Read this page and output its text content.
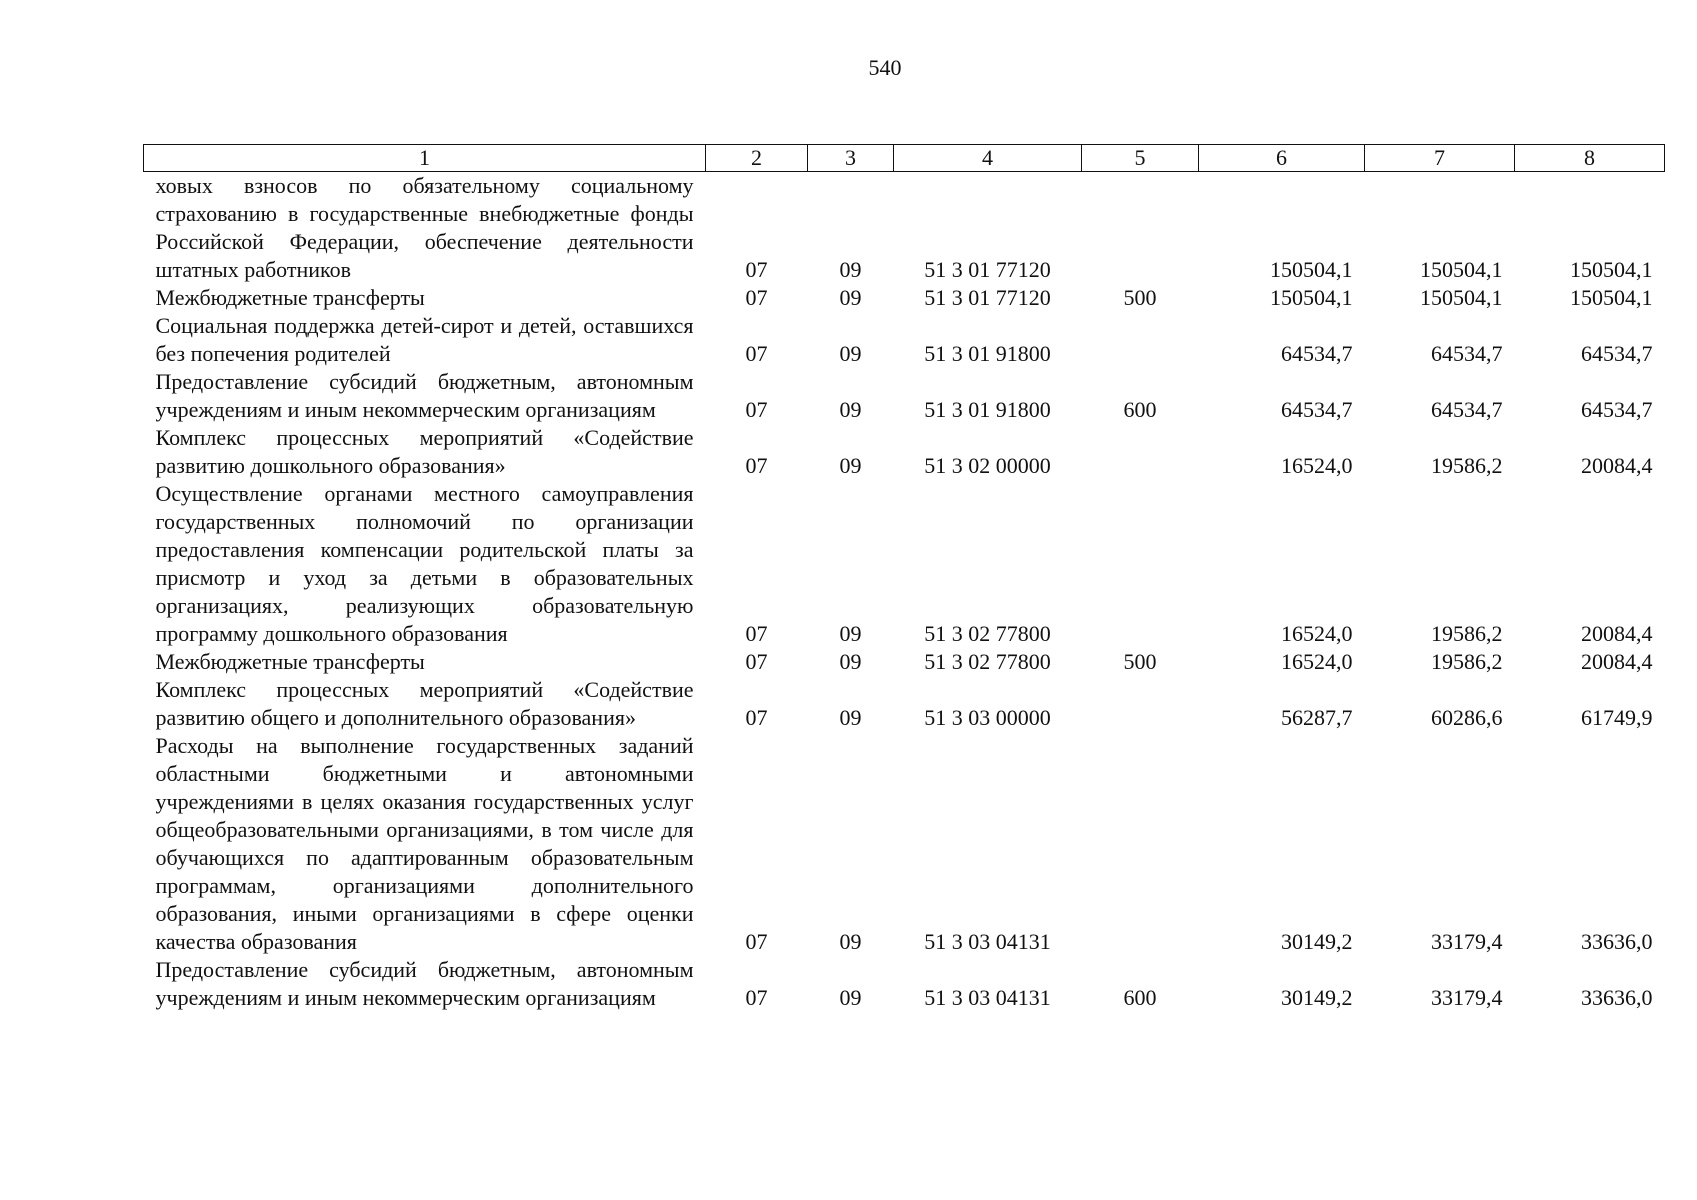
540
1	2	3	4	5	6	7	8
ховых взносов по обязательному социальному страхованию в государственные внебюджетные фонды Российской Федерации, обеспечение деятельности штатных работников	07	09	51 3 01 77120		150504,1	150504,1	150504,1
Межбюджетные трансферты	07	09	51 3 01 77120	500	150504,1	150504,1	150504,1
Социальная поддержка детей-сирот и детей, оставшихся без попечения родителей	07	09	51 3 01 91800		64534,7	64534,7	64534,7
Предоставление субсидий бюджетным, автономным учреждениям и иным некоммерческим организациям	07	09	51 3 01 91800	600	64534,7	64534,7	64534,7
Комплекс процессных мероприятий «Содействие развитию дошкольного образования»	07	09	51 3 02 00000		16524,0	19586,2	20084,4
Осуществление органами местного самоуправления государственных полномочий по организации предоставления компенсации родительской платы за присмотр и уход за детьми в образовательных организациях, реализующих образовательную программу дошкольного образования	07	09	51 3 02 77800		16524,0	19586,2	20084,4
Межбюджетные трансферты	07	09	51 3 02 77800	500	16524,0	19586,2	20084,4
Комплекс процессных мероприятий «Содействие развитию общего и дополнительного образования»	07	09	51 3 03 00000		56287,7	60286,6	61749,9
Расходы на выполнение государственных заданий областными бюджетными и автономными учреждениями в целях оказания государственных услуг общеобразовательными организациями, в том числе для обучающихся по адаптированным образовательным программам, организациями дополнительного образования, иными организациями в сфере оценки качества образования	07	09	51 3 03 04131		30149,2	33179,4	33636,0
Предоставление субсидий бюджетным, автономным учреждениям и иным некоммерческим организациям	07	09	51 3 03 04131	600	30149,2	33179,4	33636,0
